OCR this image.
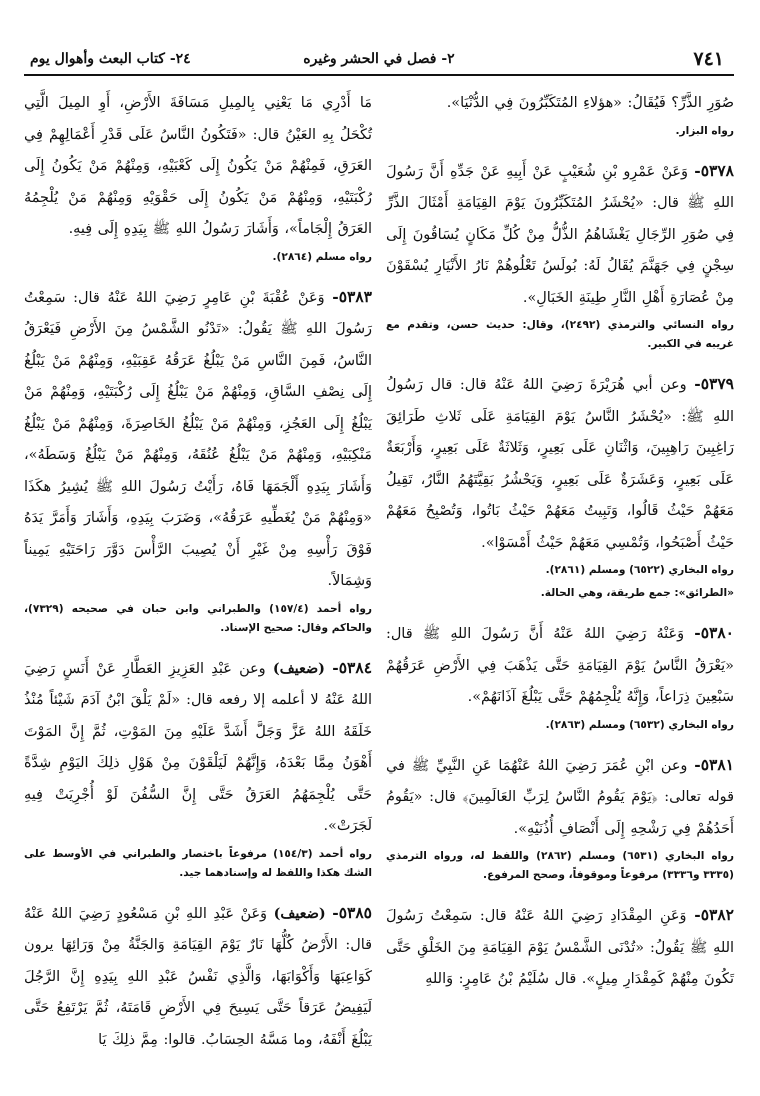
٧٤١
٢- فصل في الحشر وغيره
٢٤- كتاب البعث وأهوال يوم

صُوَرِ الذَّرِّ؟ فَيُقَالُ: «هؤلاءِ المُتَكَبِّرُونَ فِي الدُّنْيَا».

رواه البزار.

٥٣٧٨- وَعَنْ عَمْرِو بْنِ شُعَيْبٍ عَنْ أَبِيهِ عَنْ جَدِّهِ أَنَّ رَسُولَ اللهِ ﷺ قال: «يُحْشَرُ المُتَكَبِّرُونَ يَوْمَ القِيَامَةِ أَمْثَالَ الذَّرِّ فِي صُوَرِ الرِّجَالِ يَغْشَاهُمُ الذُّلُّ مِنْ كُلِّ مَكَانٍ يُسَاقُونَ إِلَى سِجْنٍ فِي جَهَنَّمَ يُقَالُ لَهُ: بُولَسُ تَعْلُوهُمْ نَارُ الأَنْيَارِ يُسْقَوْنَ مِنْ عُصَارَةِ أَهْلِ النَّارِ طِينَةِ الخَبَالِ».

رواه النسائي والترمذي (٢٤٩٢)، وقال: حديث حسن، وتقدم مع غريبه في الكبير.

٥٣٧٩- وعن أبي هُرَيْرَةَ رَضِيَ اللهُ عَنْهُ قال: قال رَسُولُ اللهِ ﷺ: «يُحْشَرُ النَّاسُ يَوْمَ القِيَامَةِ عَلَى ثَلاثِ طَرَائِقَ رَاغِبِينَ رَاهِبِينَ، وَاثْنَانِ عَلَى بَعِيرٍ، وَثَلاثَةٌ عَلَى بَعِيرٍ، وَأَرْبَعَةٌ عَلَى بَعِيرٍ، وَعَشَرَةٌ عَلَى بَعِيرٍ، وَيَحْشُرُ بَقِيَّتَهُمُ النَّارُ، تَقِيلُ مَعَهُمْ حَيْثُ قَالُوا، وَتَبِيتُ مَعَهُمْ حَيْثُ بَاتُوا، وَتُصْبِحُ مَعَهُمْ حَيْثُ أَصْبَحُوا، وَتُمْسِي مَعَهُمْ حَيْثُ أَمْسَوْا».

رواه البخاري (٦٥٢٢) ومسلم (٢٨٦١).
«الطرائق»: جمع طريقة، وهي الحالة.

٥٣٨٠- وَعَنْهُ رَضِيَ اللهُ عَنْهُ أَنَّ رَسُولَ اللهِ ﷺ قال: «يَعْرَقُ النَّاسُ يَوْمَ القِيَامَةِ حَتَّى يَذْهَبَ فِي الأَرْضِ عَرَقُهُمْ سَبْعِينَ ذِرَاعاً، وَإِنَّهُ يُلْجِمُهُمْ حَتَّى يَبْلُغَ آذَانَهُمْ».

رواه البخاري (٦٥٣٢) ومسلم (٢٨٦٣).

٥٣٨١- وعن ابْنِ عُمَرَ رَضِيَ اللهُ عَنْهُمَا عَنِ النَّبِيِّ ﷺ في قوله تعالى: ﴿يَوْمَ يَقُومُ النَّاسُ لِرَبِّ العَالَمِينَ﴾ قال: «يَقُومُ أَحَدُهُمْ فِي رَشْحِهِ إِلَى أَنْصَافِ أُذُنَيْهِ».

رواه البخاري (٦٥٣١) ومسلم (٢٨٦٢) واللفظ له، ورواه الترمذي (٣٣٣٥ و٣٣٣٦) مرفوعاً وموقوفاً، وصحح المرفوع.

٥٣٨٢- وَعَنِ المِقْدَادِ رَضِيَ اللهُ عَنْهُ قال: سَمِعْتُ رَسُولَ اللهِ ﷺ يَقُولُ: «تُدْنَى الشَّمْسُ يَوْمَ القِيَامَةِ مِنَ الخَلْقِ حَتَّى تَكُونَ مِنْهُمْ كَمِقْدَارِ مِيلٍ». قال سُلَيْمُ بْنُ عَامِرٍ: وَاللهِ

مَا أَدْرِي مَا يَعْنِي بِالمِيلِ مَسَافَةَ الأَرْضِ، أَوِ المِيلَ الَّتِي تُكْحَلُ بِهِ العَيْنُ قال: «فَتَكُونُ النَّاسُ عَلَى قَدْرِ أَعْمَالِهِمْ فِي العَرَقِ، فَمِنْهُمْ مَنْ يَكُونُ إِلَى كَعْبَيْهِ، وَمِنْهُمْ مَنْ يَكُونُ إِلَى رُكْبَتَيْهِ، وَمِنْهُمْ مَنْ يَكُونُ إِلَى حَقْوَيْهِ وَمِنْهُمْ مَنْ يُلْجِمُهُ العَرَقُ إِلْجَاماً»، وَأَشَارَ رَسُولُ اللهِ ﷺ بِيَدِهِ إِلَى فِيهِ.

رواه مسلم (٢٨٦٤).

٥٣٨٣- وَعَنْ عُقْبَةَ بْنِ عَامِرٍ رَضِيَ اللهُ عَنْهُ قال: سَمِعْتُ رَسُولَ اللهِ ﷺ يَقُولُ: «تَدْنُو الشَّمْسُ مِنَ الأَرْضِ فَيَعْرَقُ النَّاسُ، فَمِنَ النَّاسِ مَنْ يَبْلُغُ عَرَقُهُ عَقِبَيْهِ، وَمِنْهُمْ مَنْ يَبْلُغُ إِلَى نِصْفِ السَّاقِ، وَمِنْهُمْ مَنْ يَبْلُغُ إِلَى رُكْبَتَيْهِ، وَمِنْهُمْ مَنْ يَبْلُغُ إِلَى العَجُزِ، وَمِنْهُمْ مَنْ يَبْلُغُ الخَاصِرَةَ، وَمِنْهُمْ مَنْ يَبْلُغُ مَنْكِبَيْهِ، وَمِنْهُمْ مَنْ يَبْلُغُ عُنُقَهُ، وَمِنْهُمْ مَنْ يَبْلُغُ وَسَطَهُ»، وَأَشَارَ بِيَدِهِ أَلْجَمَهَا فَاهُ، رَأَيْتُ رَسُولَ اللهِ ﷺ يُشِيرُ هكَذَا «وَمِنْهُمْ مَنْ يُغَطِّيهِ عَرَقُهُ»، وَضَرَبَ بِيَدِهِ، وَأَشَارَ وَأَمَرَّ يَدَهُ فَوْقَ رَأْسِهِ مِنْ غَيْرِ أَنْ يُصِيبَ الرَّأْسَ دَوَّرَ رَاحَتَيْهِ يَمِيناً وَشِمَالاً.

رواه أحمد (١٥٧/٤) والطبراني وابن حبان في صحيحه (٧٣٢٩)، والحاكم وقال: صحيح الإسناد.

٥٣٨٤- (ضعيف) وعن عَبْدِ العَزِيزِ العَطَّارِ عَنْ أَنَسٍ رَضِيَ اللهُ عَنْهُ لا أعلمه إلا رفعه قال: «لَمْ يَلْقَ ابْنُ آدَمَ شَيْئاً مُنْذُ خَلَقَهُ اللهُ عَزَّ وَجَلَّ أَشَدَّ عَلَيْهِ مِنَ المَوْتِ، ثُمَّ إِنَّ المَوْتَ أَهْوَنُ مِمَّا بَعْدَهُ، وَإِنَّهُمْ لَيَلْقَوْنَ مِنْ هَوْلِ ذلِكَ اليَوْمِ شِدَّةً حَتَّى يُلْجِمَهُمُ العَرَقُ حَتَّى إِنَّ السُّفُنَ لَوْ أُجْرِيَتْ فِيهِ لَجَرَتْ».

رواه أحمد (١٥٤/٣) مرفوعاً باختصار والطبراني في الأوسط على الشك هكذا واللفظ له وإسنادهما جيد.

٥٣٨٥- (ضعيف) وَعَنْ عَبْدِ اللهِ بْنِ مَسْعُودٍ رَضِيَ اللهُ عَنْهُ قال: الأَرْضُ كُلُّهَا نَارٌ يَوْمَ القِيَامَةِ وَالجَنَّةُ مِنْ وَرَائِهَا يرون كَوَاعِبَهَا وَأَكْوَابَهَا، وَالَّذِي نَفْسُ عَبْدِ اللهِ بِيَدِهِ إِنَّ الرَّجُلَ لَيَفِيضُ عَرَقاً حَتَّى يَسِيحَ فِي الأَرْضِ قَامَتَهُ، ثُمَّ يَرْتَفِعُ حَتَّى يَبْلُغَ أَنْفَهُ، وما مَسَّهُ الحِسَابُ. قالوا: مِمَّ ذلِكَ يَا
